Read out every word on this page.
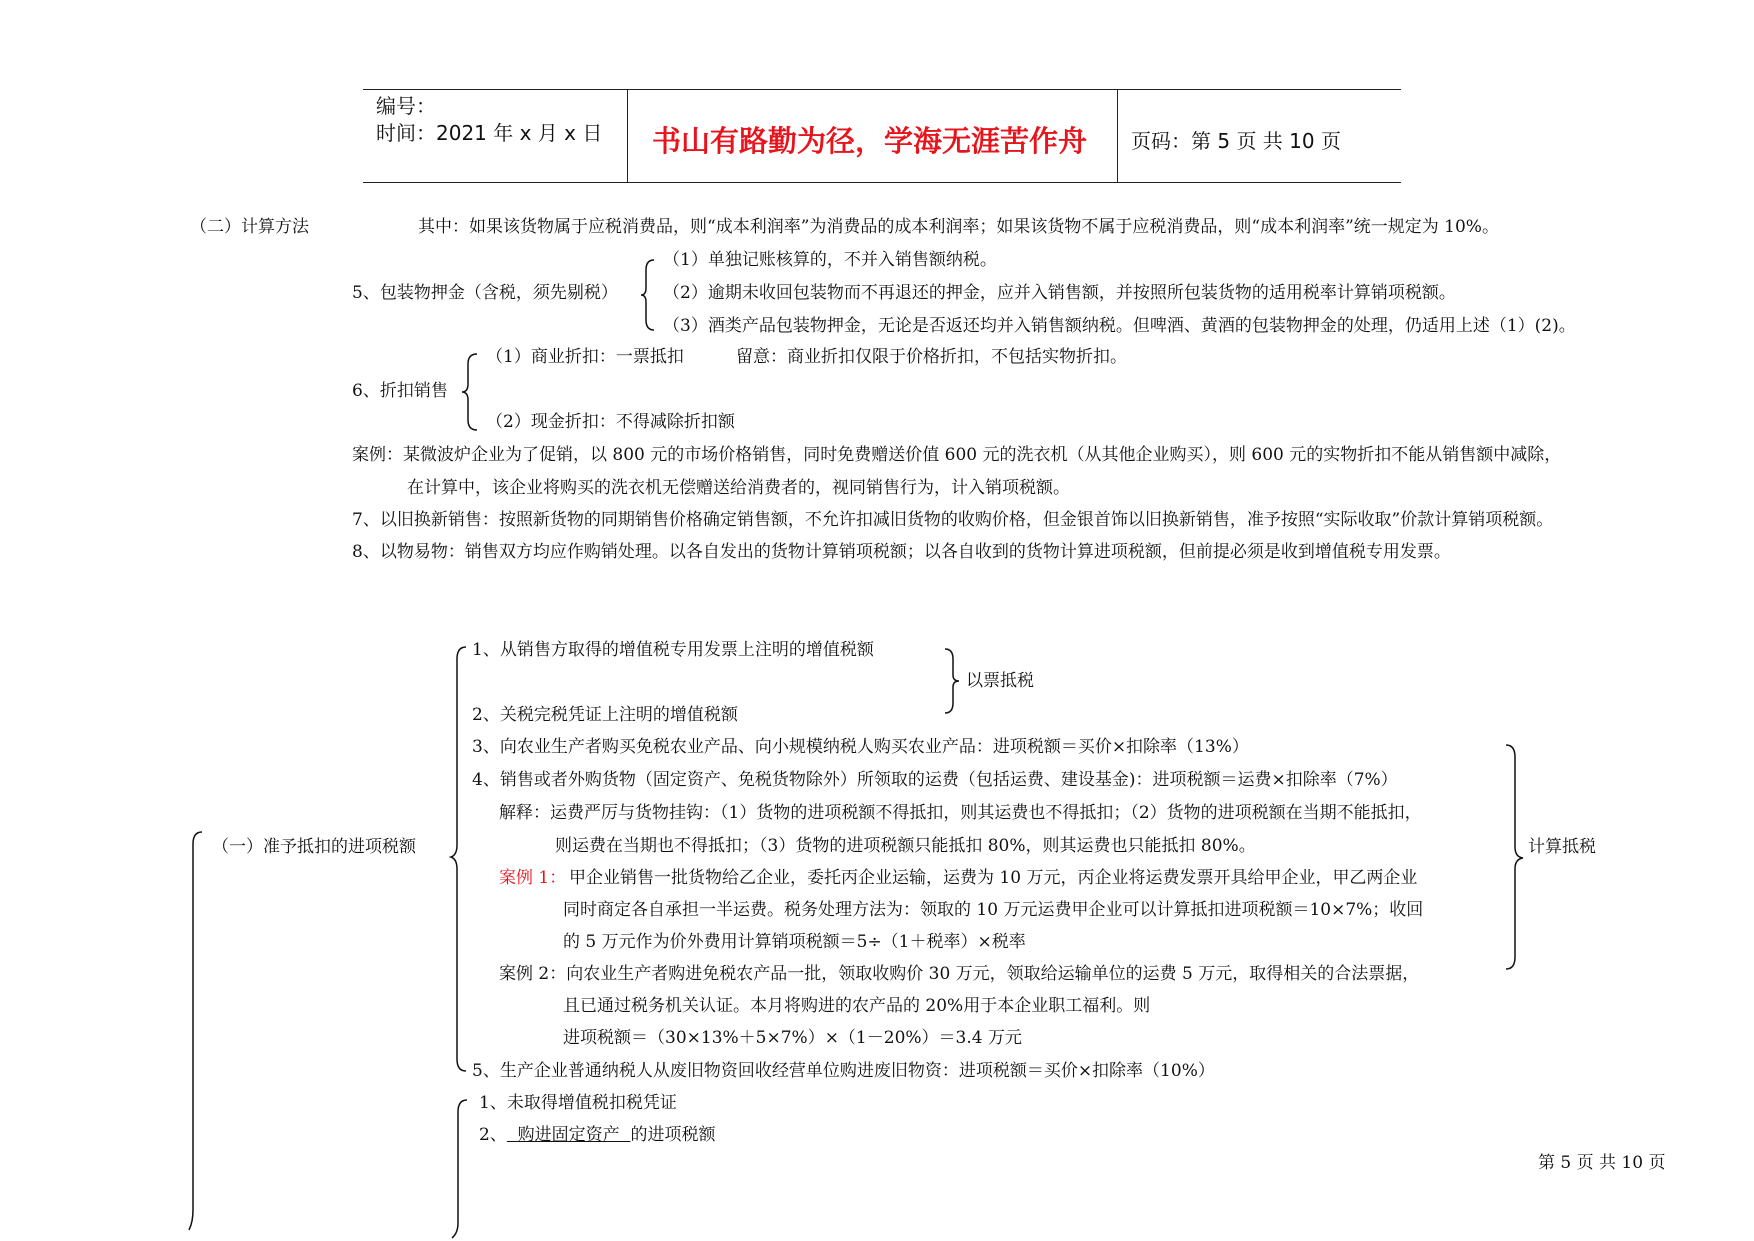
编号：
时间：2021 年 x 月 x 日 书山有路勤为径，学海无涯苦作舟 页码：第 5 页 共 10 页
（二）计算方法	其中：如果该货物属于应税消费品，则“成本利润率”为消费品的成本利润率；如果该货物不属于应税消费品，则“成本利润率”统一规定为 10%。
5、包装物押金（含税，须先剔税）
（1）单独记账核算的，不并入销售额纳税。
（2）逾期未收回包装物而不再退还的押金，应并入销售额，并按照所包装货物的适用税率计算销项税额。
（3）酒类产品包装物押金，无论是否返还均并入销售额纳税。但啤酒、黄酒的包装物押金的处理，仍适用上述（1）(2)。
6、折扣销售
（1）商业折扣：一票抵扣	留意：商业折扣仅限于价格折扣，不包括实物折扣。
（2）现金折扣：不得减除折扣额
案例：某微波炉企业为了促销，以 800 元的市场价格销售，同时免费赠送价值 600 元的洗衣机（从其他企业购买），则 600 元的实物折扣不能从销售额中减除，
在计算中，该企业将购买的洗衣机无偿赠送给消费者的，视同销售行为，计入销项税额。
7、以旧换新销售：按照新货物的同期销售价格确定销售额，不允许扣减旧货物的收购价格，但金银首饰以旧换新销售，准予按照“实际收取”价款计算销项税额。
8、以物易物：销售双方均应作购销处理。以各自发出的货物计算销项税额；以各自收到的货物计算进项税额，但前提必须是收到增值税专用发票。
（一）准予抵扣的进项税额
1、从销售方取得的增值税专用发票上注明的增值税额
2、关税完税凭证上注明的增值税额
以票抵税
3、向农业生产者购买免税农业产品、向小规模纳税人购买农业产品：进项税额＝买价×扣除率（13%）
4、销售或者外购货物（固定资产、免税货物除外）所领取的运费（包括运费、建设基金)：进项税额＝运费×扣除率（7%）
解释：运费严厉与货物挂钩：（1）货物的进项税额不得抵扣，则其运费也不得抵扣；（2）货物的进项税额在当期不能抵扣，
则运费在当期也不得抵扣；（3）货物的进项税额只能抵扣 80%，则其运费也只能抵扣 80%。
案例 1： 甲企业销售一批货物给乙企业，委托丙企业运输，运费为 10 万元，丙企业将运费发票开具给甲企业，甲乙两企业
同时商定各自承担一半运费。税务处理方法为：领取的 10 万元运费甲企业可以计算抵扣进项税额＝10×7%；收回
的 5 万元作为价外费用计算销项税额＝5÷（1＋税率）×税率
案例 2：向农业生产者购进免税农产品一批，领取收购价 30 万元，领取给运输单位的运费 5 万元，取得相关的合法票据，
且已通过税务机关认证。本月将购进的农产品的 20%用于本企业职工福利。则
进项税额＝（30×13%＋5×7%）×（1－20%）＝3.4 万元
计算抵税
5、生产企业普通纳税人从废旧物资回收经营单位购进废旧物资：进项税额＝买价×扣除率（10%）
1、未取得增值税扣税凭证
2、  购进固定资产  的进项税额
第 5 页 共 10 页
